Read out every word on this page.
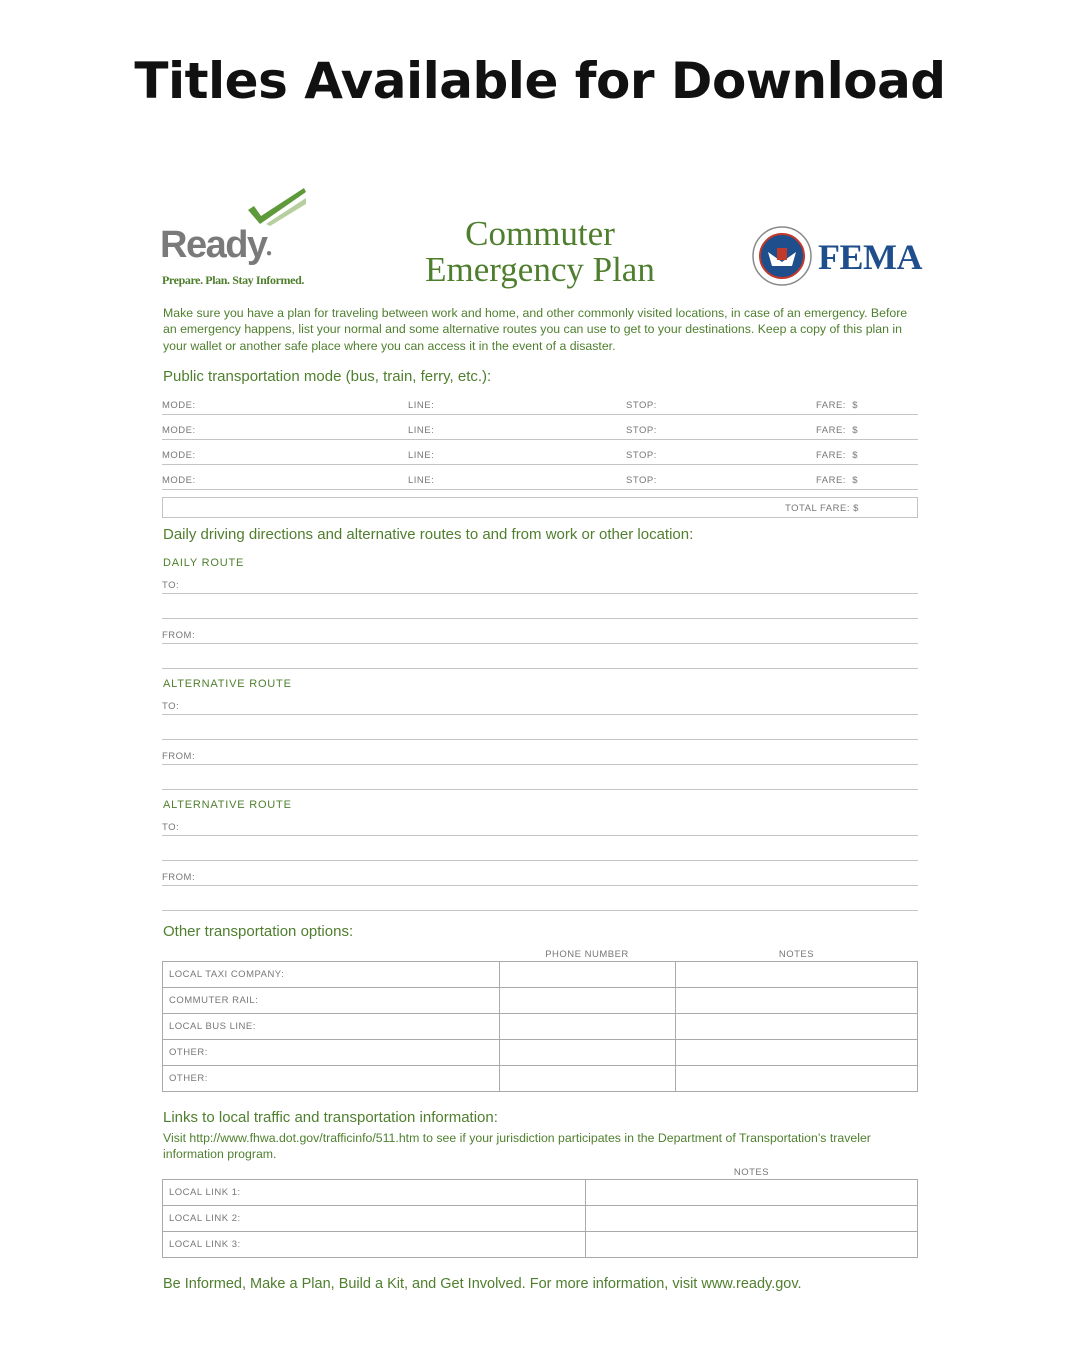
Titles Available for Download
Ready ●
Prepare. Plan. Stay Informed.
Commuter
Emergency Plan	FEMA
Make sure you have a plan for traveling between work and home, and other commonly visited locations, in case of an emergency. Before an emergency happens, list your normal and some alternative routes you can use to get to your destinations. Keep a copy of this plan in your wallet or another safe place where you can access it in the event of a disaster.
Public transportation mode (bus, train, ferry, etc.):
MODE:	LINE:	STOP:	FARE:  $
MODE:	LINE:	STOP:	FARE:  $
MODE:	LINE:	STOP:	FARE:  $
MODE:	LINE:	STOP:	FARE:  $
TOTAL FARE: $
Daily driving directions and alternative routes to and from work or other location:
DAILY ROUTE
TO:
FROM:
ALTERNATIVE ROUTE
TO:
FROM:
ALTERNATIVE ROUTE
TO:
FROM:
Other transportation options:
PHONE NUMBER	NOTES
LOCAL TAXI COMPANY:		
COMMUTER RAIL:		
LOCAL BUS LINE:		
OTHER:		
OTHER:		
Links to local traffic and transportation information:
Visit http://www.fhwa.dot.gov/trafficinfo/511.htm to see if your jurisdiction participates in the Department of Transportation’s traveler information program.
NOTES
LOCAL LINK 1:	
LOCAL LINK 2:	
LOCAL LINK 3:	
Be Informed, Make a Plan, Build a Kit, and Get Involved. For more information, visit www.ready.gov.
